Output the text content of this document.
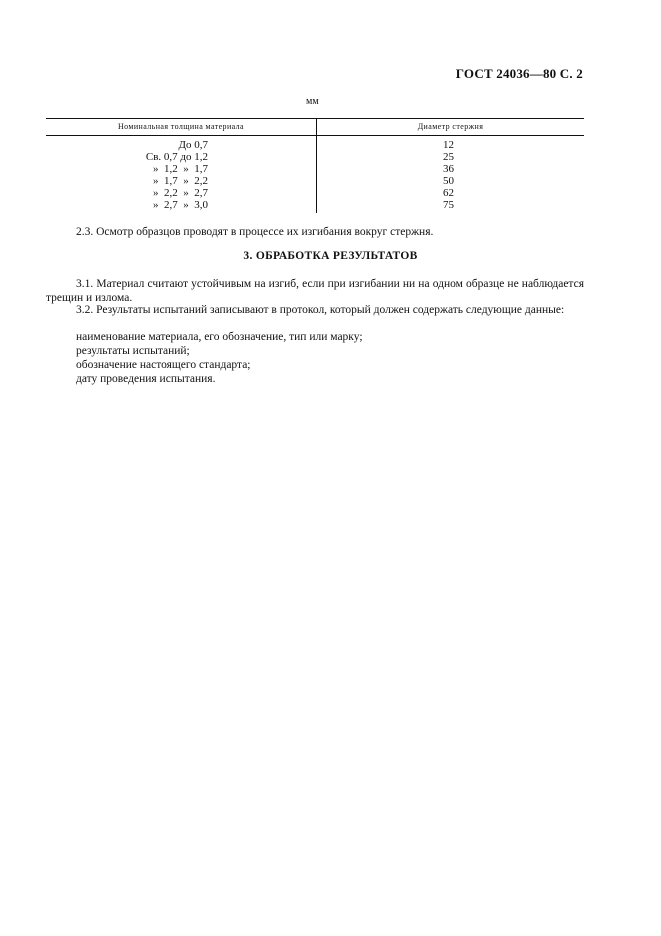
ГОСТ 24036—80 С. 2
мм
Номинальная толщина материала	Диаметр стержня
До 0,7	12
Св. 0,7 до 1,2	25
»  1,2  »  1,7	36
»  1,7  »  2,2	50
»  2,2  »  2,7	62
»  2,7  »  3,0	75
2.3. Осмотр образцов проводят в процессе их изгибания вокруг стержня.
3. ОБРАБОТКА РЕЗУЛЬТАТОВ
3.1. Материал считают устойчивым на изгиб, если при изгибании ни на одном образце не наблюдается трещин и излома.
3.2. Результаты испытаний записывают в протокол, который должен содержать следующие данные:
наименование материала, его обозначение, тип или марку;
результаты испытаний;
обозначение настоящего стандарта;
дату проведения испытания.
